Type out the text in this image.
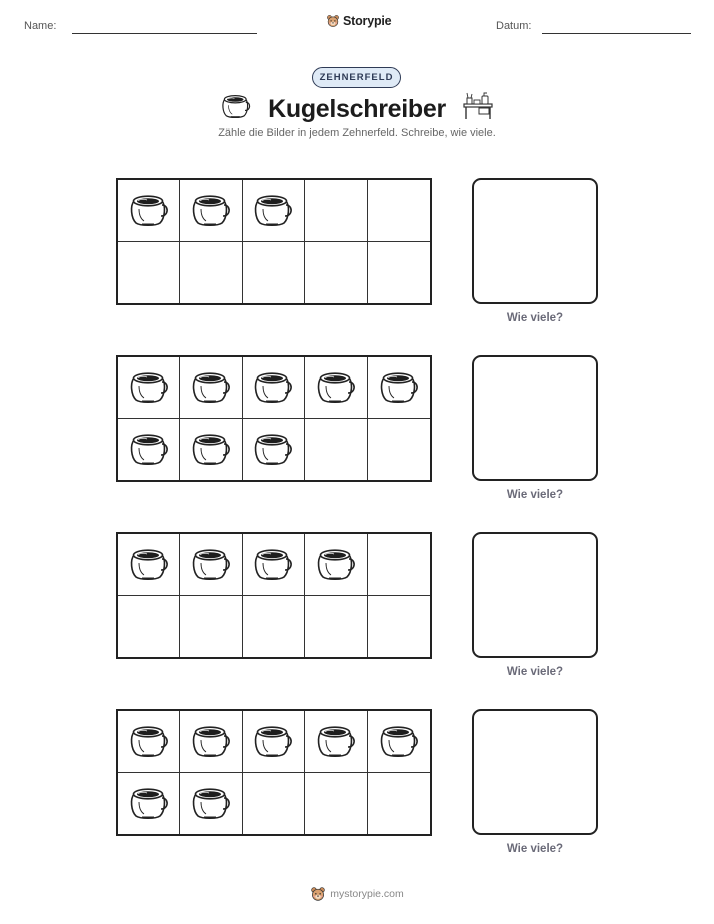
Name:	Storypie	Datum:
ZEHNERFELD
Kugelschreiber
Zähle die Bilder in jedem Zehnerfeld. Schreibe, wie viele.
Wie viele?
Wie viele?
Wie viele?
Wie viele?
mystorypie.com
